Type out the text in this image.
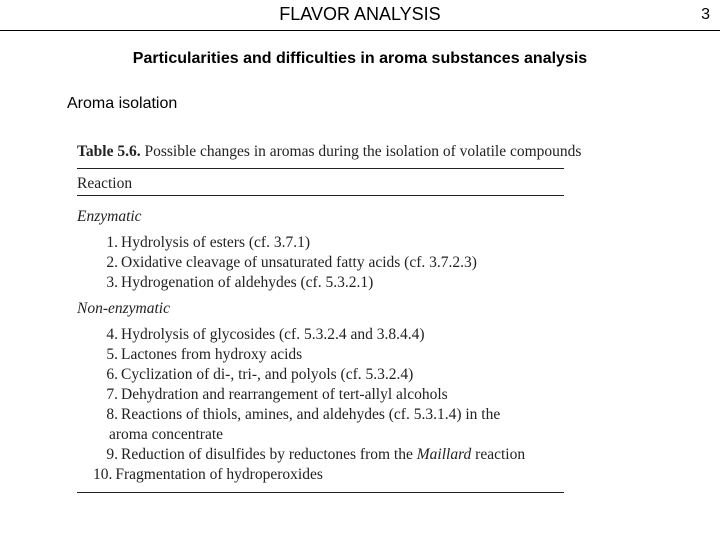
FLAVOR ANALYSIS	3
Particularities and difficulties in aroma substances analysis
Aroma isolation
Table 5.6. Possible changes in aromas during the isolation of volatile compounds
Reaction
Enzymatic
1. Hydrolysis of esters (cf. 3.7.1)
2. Oxidative cleavage of unsaturated fatty acids (cf. 3.7.2.3)
3. Hydrogenation of aldehydes (cf. 5.3.2.1)
Non-enzymatic
4. Hydrolysis of glycosides (cf. 5.3.2.4 and 3.8.4.4)
5. Lactones from hydroxy acids
6. Cyclization of di-, tri-, and polyols (cf. 5.3.2.4)
7. Dehydration and rearrangement of tert-allyl alcohols
8. Reactions of thiols, amines, and aldehydes (cf. 5.3.1.4) in the
aroma concentrate
9. Reduction of disulfides by reductones from the Maillard reaction
10. Fragmentation of hydroperoxides
